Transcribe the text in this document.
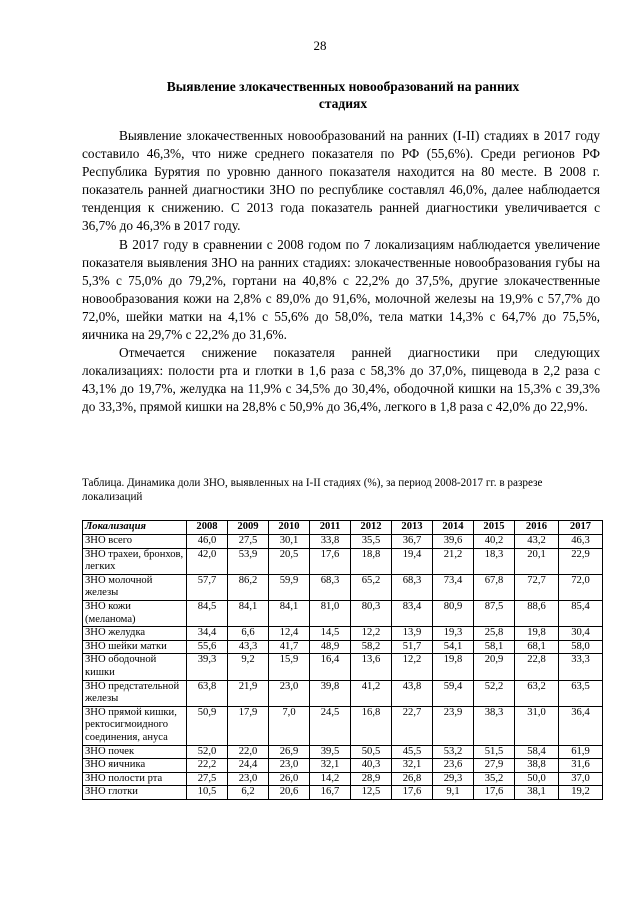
28
Выявление злокачественных новообразований на ранних
стадиях

Выявление злокачественных новообразований на ранних (I-II) стадиях в 2017 году составило 46,3%, что ниже среднего показателя по РФ (55,6%). Среди регионов РФ Республика Бурятия по уровню данного показателя находится на 80 месте. В 2008 г. показатель ранней диагностики ЗНО по республике составлял 46,0%, далее наблюдается тенденция к снижению. С 2013 года показатель ранней диагностики увеличивается с 36,7% до 46,3% в 2017 году.

В 2017 году в сравнении с 2008 годом по 7 локализациям наблюдается увеличение показателя выявления ЗНО на ранних стадиях: злокачественные новообразования губы на 5,3% с 75,0% до 79,2%, гортани на 40,8% с 22,2% до 37,5%, другие злокачественные новообразования кожи на 2,8% с 89,0% до 91,6%, молочной железы на 19,9% с 57,7% до 72,0%, шейки матки на 4,1% с 55,6% до 58,0%, тела матки 14,3% с 64,7% до 75,5%, яичника на 29,7% с 22,2% до 31,6%.

Отмечается снижение показателя ранней диагностики при следующих локализациях: полости рта и глотки в 1,6 раза с 58,3% до 37,0%, пищевода в 2,2 раза с 43,1% до 19,7%, желудка на 11,9% с 34,5% до 30,4%, ободочной кишки на 15,3% с 39,3% до 33,3%, прямой кишки на 28,8% с 50,9% до 36,4%, легкого в 1,8 раза с 42,0% до 22,9%.

Таблица. Динамика доли ЗНО, выявленных на I-II стадиях (%), за период 2008-2017 гг. в разрезе локализаций
Локализация	2008	2009	2010	2011	2012	2013	2014	2015	2016	2017
ЗНО всего	46,0	27,5	30,1	33,8	35,5	36,7	39,6	40,2	43,2	46,3
ЗНО трахеи, бронхов, легких	42,0	53,9	20,5	17,6	18,8	19,4	21,2	18,3	20,1	22,9
ЗНО молочной железы	57,7	86,2	59,9	68,3	65,2	68,3	73,4	67,8	72,7	72,0
ЗНО кожи (меланома)	84,5	84,1	84,1	81,0	80,3	83,4	80,9	87,5	88,6	85,4
ЗНО желудка	34,4	6,6	12,4	14,5	12,2	13,9	19,3	25,8	19,8	30,4
ЗНО шейки матки	55,6	43,3	41,7	48,9	58,2	51,7	54,1	58,1	68,1	58,0
ЗНО ободочной кишки	39,3	9,2	15,9	16,4	13,6	12,2	19,8	20,9	22,8	33,3
ЗНО предстательной железы	63,8	21,9	23,0	39,8	41,2	43,8	59,4	52,2	63,2	63,5
ЗНО прямой кишки, ректосигмоидного соединения, ануса	50,9	17,9	7,0	24,5	16,8	22,7	23,9	38,3	31,0	36,4
ЗНО почек	52,0	22,0	26,9	39,5	50,5	45,5	53,2	51,5	58,4	61,9
ЗНО яичника	22,2	24,4	23,0	32,1	40,3	32,1	23,6	27,9	38,8	31,6
ЗНО полости рта	27,5	23,0	26,0	14,2	28,9	26,8	29,3	35,2	50,0	37,0
ЗНО глотки	10,5	6,2	20,6	16,7	12,5	17,6	9,1	17,6	38,1	19,2
